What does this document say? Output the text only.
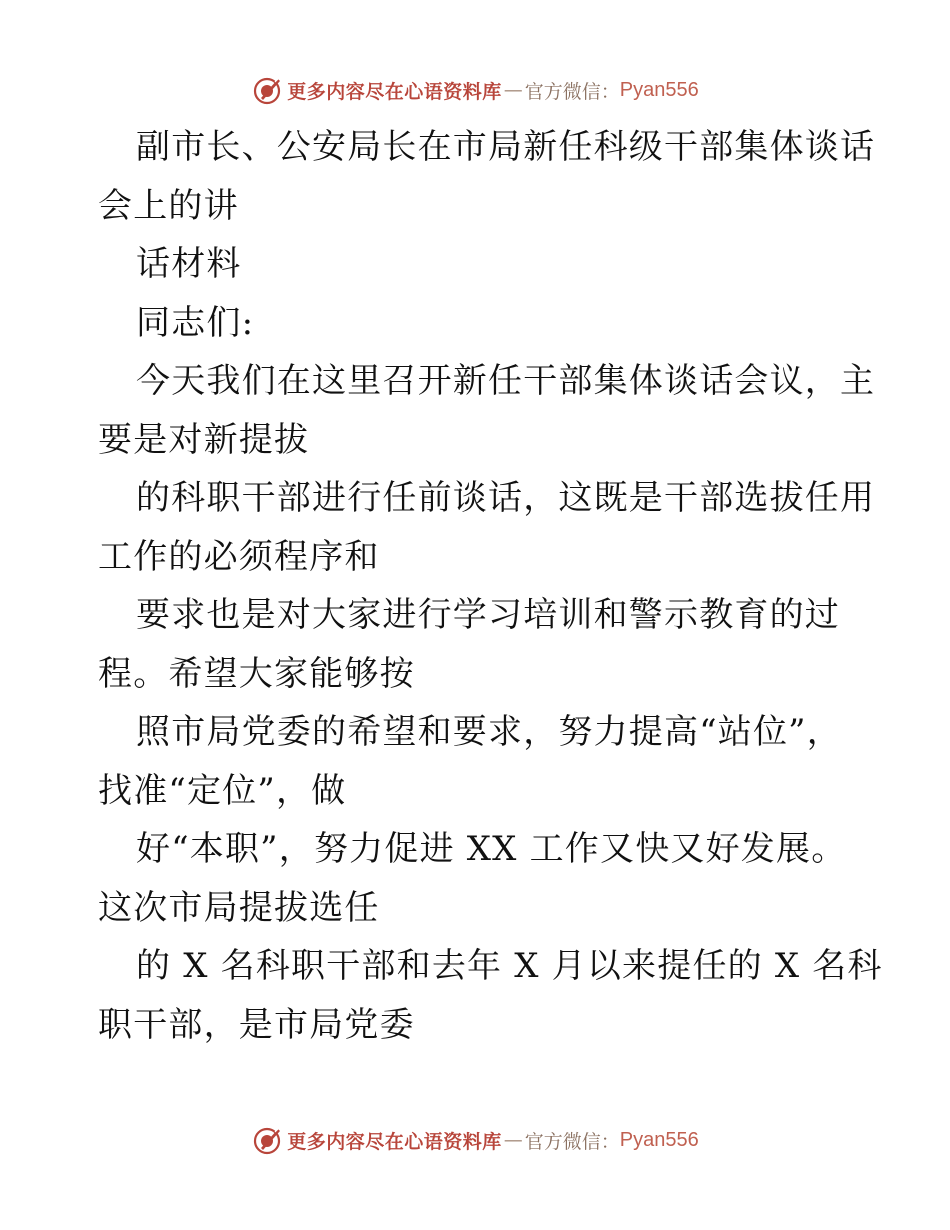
更多内容尽在心语资料库 — 官方微信： Pyan556
副市长、公安局长在市局新任科级干部集体谈话
会上的讲
话材料
同志们:
今天我们在这里召开新任干部集体谈话会议，主
要是对新提拔
的科职干部进行任前谈话，这既是干部选拔任用
工作的必须程序和
要求也是对大家进行学习培训和警示教育的过
程。希望大家能够按
照市局党委的希望和要求，努力提高“站位”，
找准“定位”，做
好“本职”，努力促进 XX 工作又快又好发展。
这次市局提拔选任
的 X 名科职干部和去年 X 月以来提任的 X 名科
职干部，是市局党委
更多内容尽在心语资料库 — 官方微信： Pyan556
